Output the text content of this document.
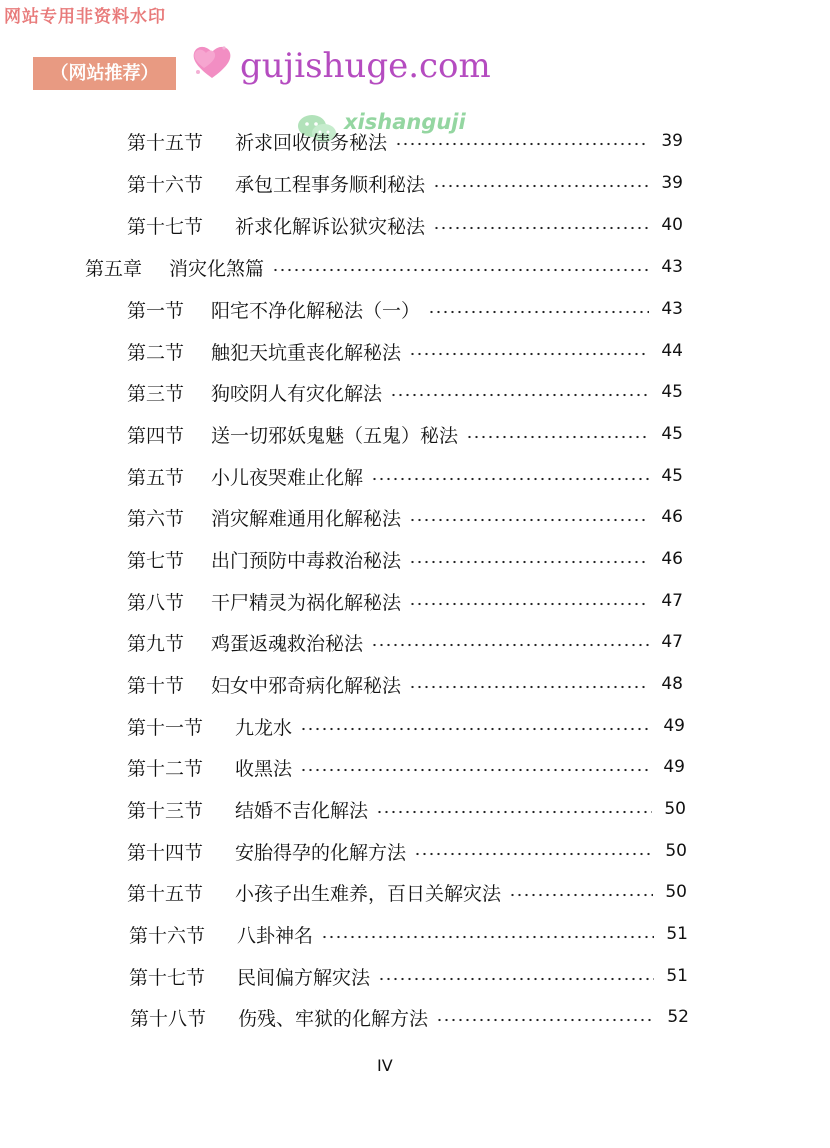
网站专用非资料水印
（网站推荐）	gujishuge.com
xishanguji
第十五节	祈求回收债务秘法	39
第十六节	承包工程事务顺利秘法	39
第十七节	祈求化解诉讼狱灾秘法	40
第五章	消灾化煞篇	43
第一节	阳宅不净化解秘法（一）	43
第二节	触犯天坑重丧化解秘法	44
第三节	狗咬阴人有灾化解法	45
第四节	送一切邪妖鬼魅（五鬼）秘法	45
第五节	小儿夜哭难止化解	45
第六节	消灾解难通用化解秘法	46
第七节	出门预防中毒救治秘法	46
第八节	干尸精灵为祸化解秘法	47
第九节	鸡蛋返魂救治秘法	47
第十节	妇女中邪奇病化解秘法	48
第十一节	九龙水	49
第十二节	收黑法	49
第十三节	结婚不吉化解法	50
第十四节	安胎得孕的化解方法	50
第十五节	小孩子出生难养，百日关解灾法	50
第十六节	八卦神名	51
第十七节	民间偏方解灾法	51
第十八节	伤残、牢狱的化解方法	52
IV
